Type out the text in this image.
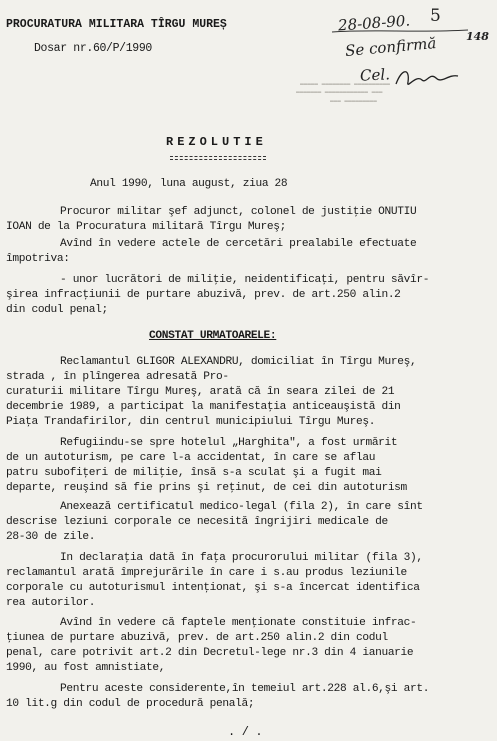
PROCURATURA MILITARA TÎRGU MUREȘ
Dosar nr.60/P/1990
28-08-90. 5
Se confirmă	148
Cel.
▬▬▬▬▬ ▬▬▬▬▬▬▬▬ ▬▬▬▬▬▬▬▬▬▬
▬▬▬▬▬▬▬ ▬▬▬▬▬▬▬▬▬▬▬▬ ▬▬▬
▬▬▬ ▬▬▬▬▬▬▬▬▬
REZOLUTIE
Anul 1990, luna august, ziua 28
Procuror militar şef adjunct, colonel de justiţie ONUTIU
IOAN de la Procuratura militară Tîrgu Mureş;
Avînd în vedere actele de cercetări prealabile efectuate
împotriva:
- unor lucrători de miliţie, neidentificaţi, pentru săvîr-
şirea infracţiunii de purtare abuzivă, prev. de art.250 alin.2
din codul penal;
CONSTAT URMATOARELE:
Reclamantul GLIGOR ALEXANDRU, domiciliat în Tîrgu Mureş,
strada , în plîngerea adresată Pro-
curaturii militare Tîrgu Mureş, arată că în seara zilei de 21
decembrie 1989, a participat la manifestaţia anticeauşistă din
Piaţa Trandafirilor, din centrul municipiului Tîrgu Mureş.
Refugiindu-se spre hotelul „Harghita", a fost urmărit
de un autoturism, pe care l-a accidentat, în care se aflau
patru subofiţeri de miliţie, însă s-a sculat şi a fugit mai
departe, reuşind să fie prins şi reţinut, de cei din autoturism
Anexează certificatul medico-legal (fila 2), în care sînt
descrise leziuni corporale ce necesită îngrijiri medicale de
28-30 de zile.
In declaraţia dată în faţa procurorului militar (fila 3),
reclamantul arată împrejurările în care i s.au produs leziunile
corporale cu autoturismul intenţionat, şi s-a încercat identifica
rea autorilor.
Avînd în vedere că faptele menţionate constituie infrac-
ţiunea de purtare abuzivă, prev. de art.250 alin.2 din codul
penal, care potrivit art.2 din Decretul-lege nr.3 din 4 ianuarie
1990, au fost amnistiate,
Pentru aceste considerente,în temeiul art.228 al.6,şi art.
10 lit.g din codul de procedură penală;
. / .
